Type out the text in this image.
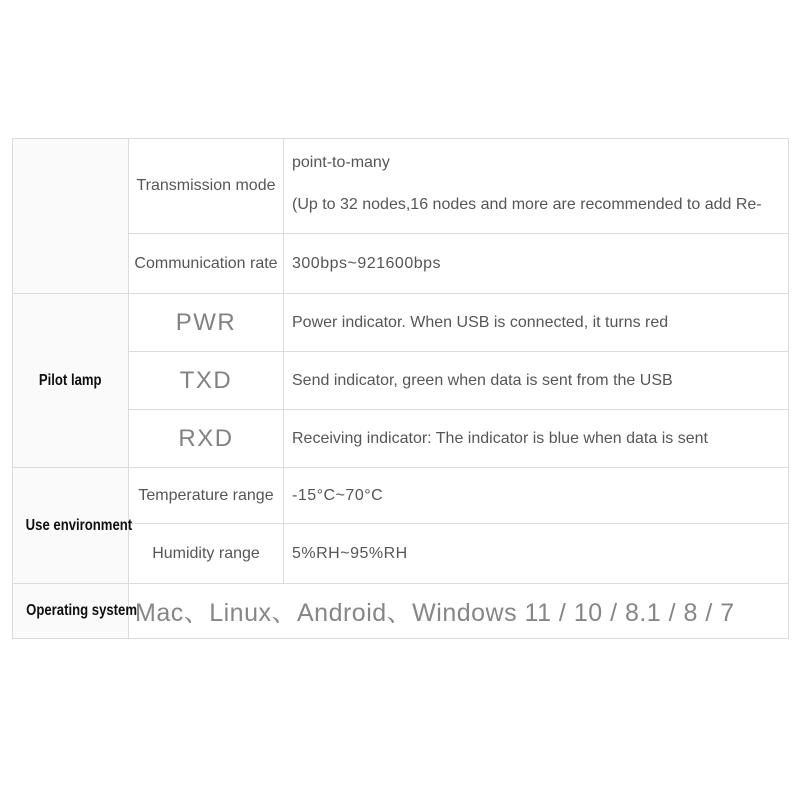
	Transmission mode	point-to-many
(Up to 32 nodes,16 nodes and more are recommended to add Re-

	Communication rate	300bps~921600bps
Pilot lamp	PWR	Power indicator. When USB is connected, it turns red
	TXD	Send indicator, green when data is sent from the USB
	RXD	Receiving indicator: The indicator is blue when data is sent
Use environment	Temperature range	-15°C~70°C
	Humidity range	5%RH~95%RH
Operating system	Mac、Linux、Android、Windows 11 / 10 / 8.1 / 8 / 7	
